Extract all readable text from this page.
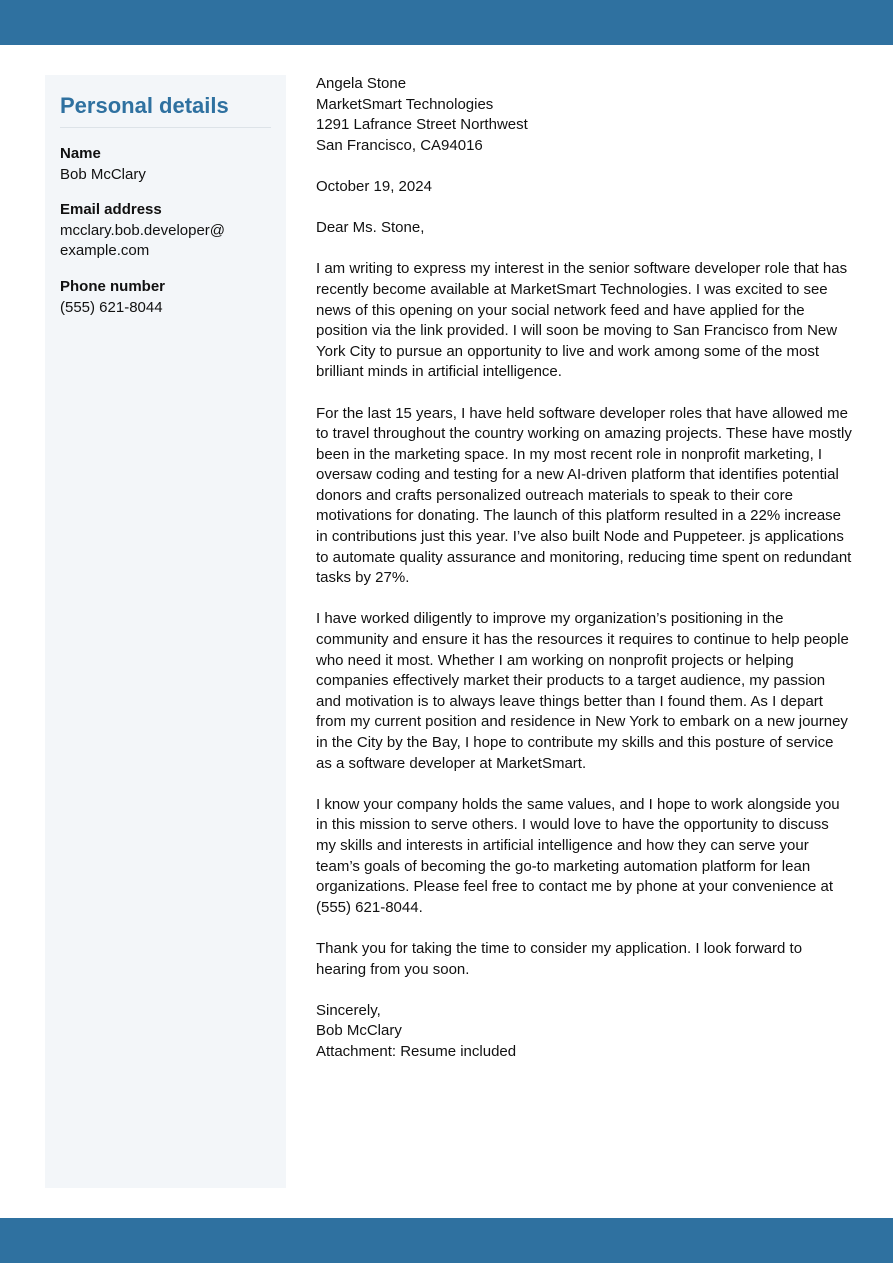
Personal details
Name
Bob McClary
Email address
mcclary.bob.developer@ example.com
Phone number
(555) 621-8044
Angela Stone
MarketSmart Technologies
1291 Lafrance Street Northwest
San Francisco, CA94016

October 19, 2024

Dear Ms. Stone,

I am writing to express my interest in the senior software developer role that has recently become available at MarketSmart Technologies. I was excited to see news of this opening on your social network feed and have applied for the position via the link provided. I will soon be moving to San Francisco from New York City to pursue an opportunity to live and work among some of the most brilliant minds in artificial intelligence.

For the last 15 years, I have held software developer roles that have allowed me to travel throughout the country working on amazing projects. These have mostly been in the marketing space. In my most recent role in nonprofit marketing, I oversaw coding and testing for a new AI-driven platform that identifies potential donors and crafts personalized outreach materials to speak to their core motivations for donating. The launch of this platform resulted in a 22% increase in contributions just this year. I’ve also built Node and Puppeteer. js applications to automate quality assurance and monitoring, reducing time spent on redundant tasks by 27%.

I have worked diligently to improve my organization’s positioning in the community and ensure it has the resources it requires to continue to help people who need it most. Whether I am working on nonprofit projects or helping companies effectively market their products to a target audience, my passion and motivation is to always leave things better than I found them. As I depart from my current position and residence in New York to embark on a new journey in the City by the Bay, I hope to contribute my skills and this posture of service as a software developer at MarketSmart.

I know your company holds the same values, and I hope to work alongside you in this mission to serve others. I would love to have the opportunity to discuss my skills and interests in artificial intelligence and how they can serve your team’s goals of becoming the go-to marketing automation platform for lean organizations. Please feel free to contact me by phone at your convenience at (555) 621-8044.

Thank you for taking the time to consider my application. I look forward to hearing from you soon.

Sincerely,
Bob McClary
Attachment: Resume included
